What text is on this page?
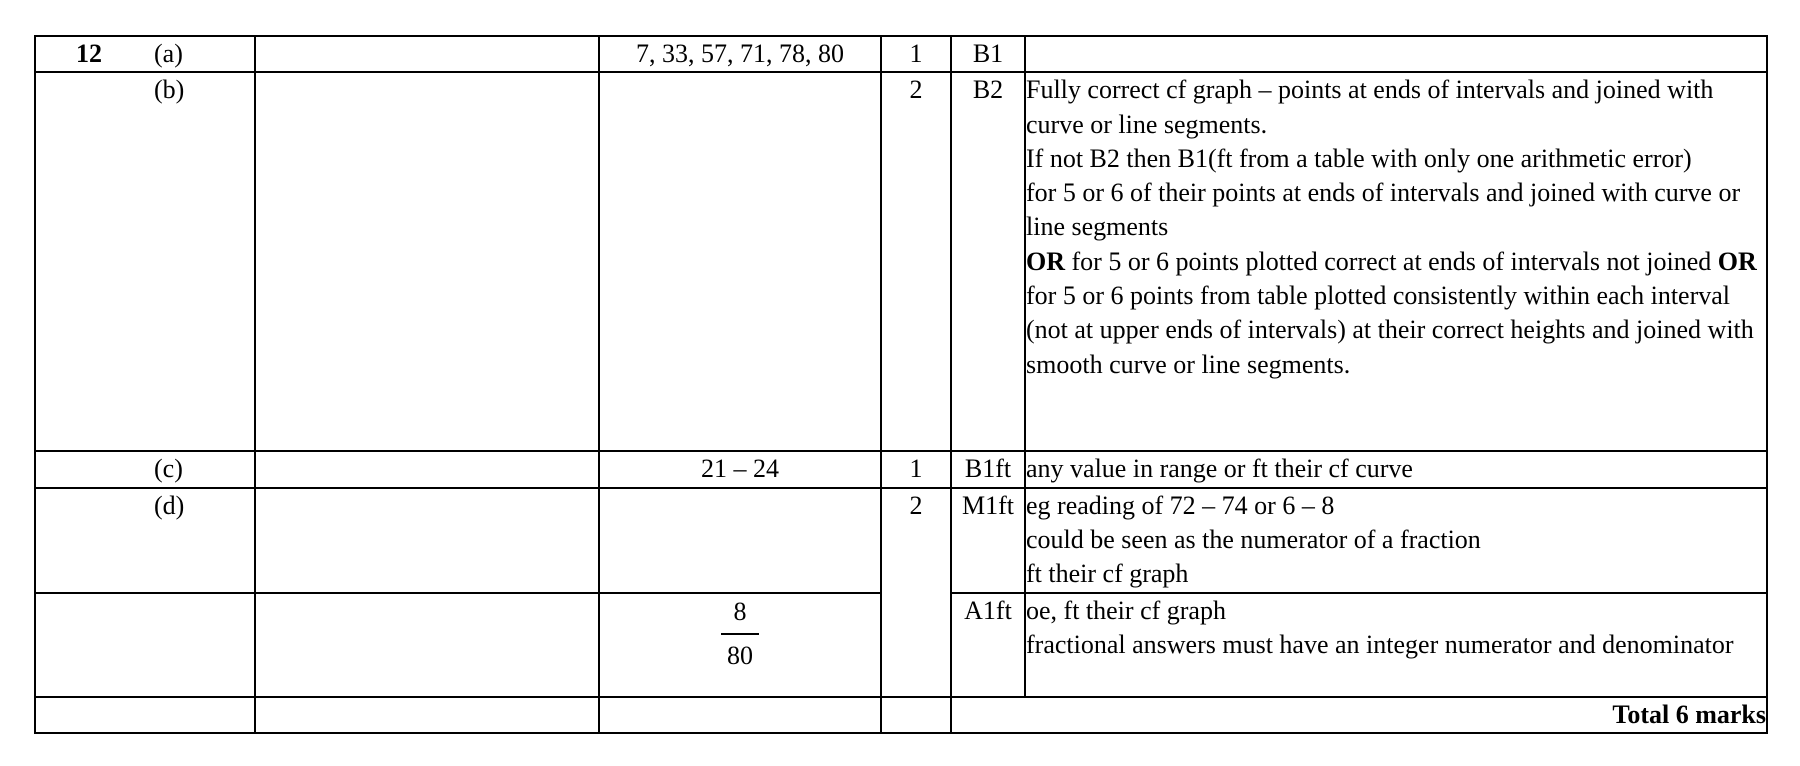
12 (a)		7, 33, 57, 71, 78, 80	1	B1	

(b)			2	B2	Fully correct cf graph – points at ends of intervals and joined with curve or line segments.
If not B2 then B1(ft from a table with only one arithmetic error)
for 5 or 6 of their points at ends of intervals and joined with curve or line segments
OR for 5 or 6 points plotted correct at ends of intervals not joined OR for 5 or 6 points from table plotted consistently within each interval (not at upper ends of intervals) at their correct heights and joined with smooth curve or line segments.

(c)		21 – 24	1	B1ft	any value in range or ft their cf curve

(d)			2	M1ft	eg reading of 72 – 74 or 6 – 8
could be seen as the numerator of a fraction
ft their cf graph

		$\frac{8}{80}$		A1ft	oe, ft their cf graph
fractional answers must have an integer numerator and denominator

				Total 6 marks	
